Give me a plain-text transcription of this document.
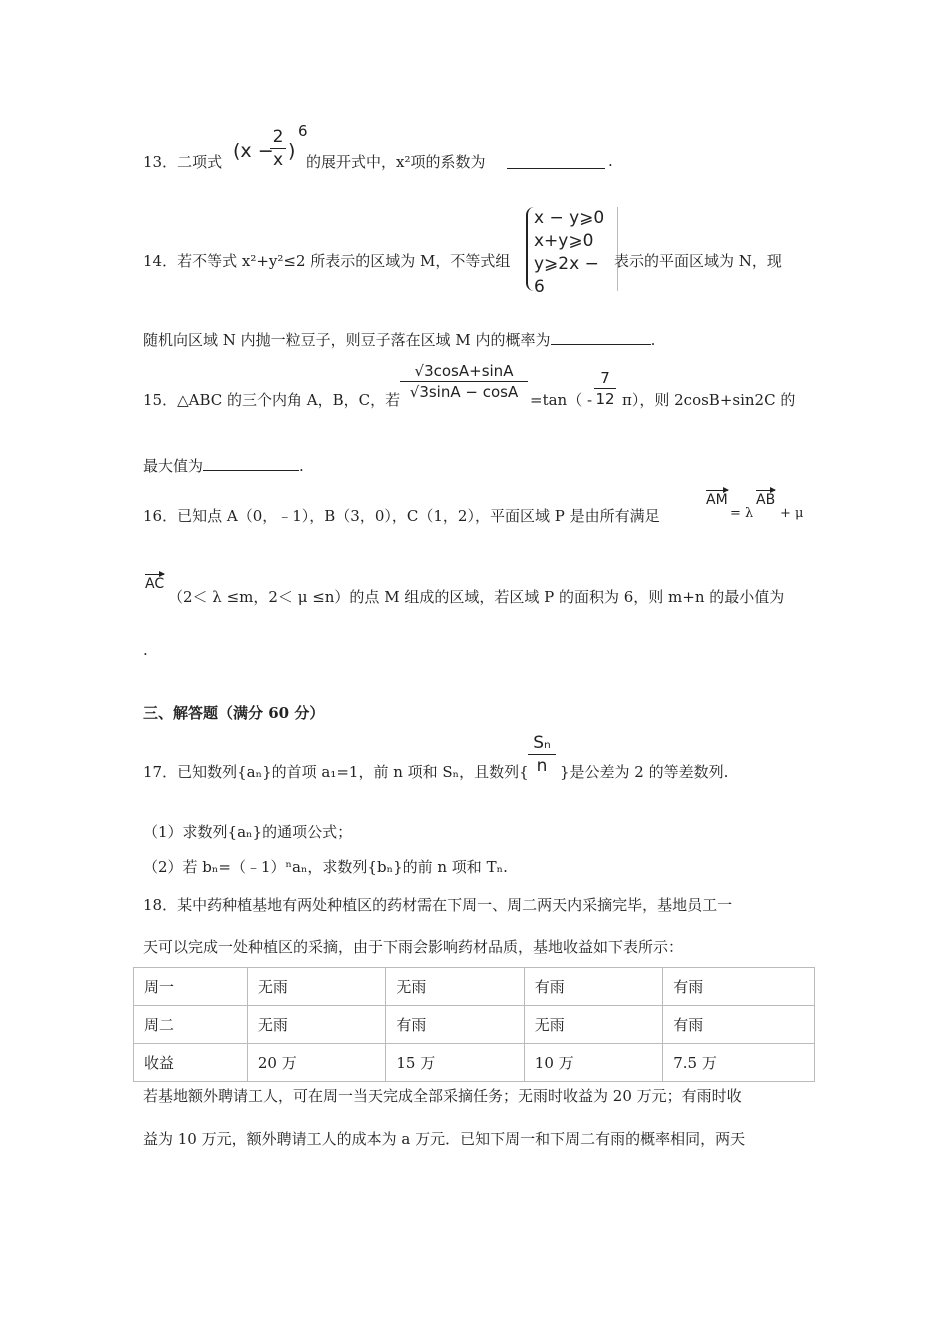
13．二项式 (x −
2
x )
6
的展开式中，x²项的系数为	.
14．若不等式 x²+y²≤2 所表示的区域为 M，不等式组
x − y⩾0
x+y⩾0
y⩾2x − 6
表示的平面区域为 N，现
随机向区域 N 内抛一粒豆子，则豆子落在区域 M 内的概率为	.
15．△ABC 的三个内角 A，B，C，若
√3cosA+sinA
√3sinA − cosA =tan（ -
7
12 π），则 2cosB+sin2C 的
最大值为	.
16．已知点 A（0，﹣1），B（3，0），C（1，2），平面区域 P 是由所有满足
AM
= λ
AB
+ μ
AC
（2＜ λ ≤m，2＜ μ ≤n）的点 M 组成的区域，若区域 P 的面积为 6，则 m+n 的最小值为
.
三、解答题（满分 60 分）
17．已知数列{aₙ}的首项 a₁=1，前 n 项和 Sₙ，且数列{
Sₙ
n }是公差为 2 的等差数列.
（1）求数列{aₙ}的通项公式；
（2）若 bₙ=（﹣1）ⁿaₙ，求数列{bₙ}的前 n 项和 Tₙ.
18．某中药种植基地有两处种植区的药材需在下周一、周二两天内采摘完毕，基地员工一
天可以完成一处种植区的采摘，由于下雨会影响药材品质，基地收益如下表所示：
周一	无雨	无雨	有雨	有雨
周二	无雨	有雨	无雨	有雨
收益	20 万	15 万	10 万	7.5 万
若基地额外聘请工人，可在周一当天完成全部采摘任务；无雨时收益为 20 万元；有雨时收
益为 10 万元，额外聘请工人的成本为 a 万元．已知下周一和下周二有雨的概率相同，两天
